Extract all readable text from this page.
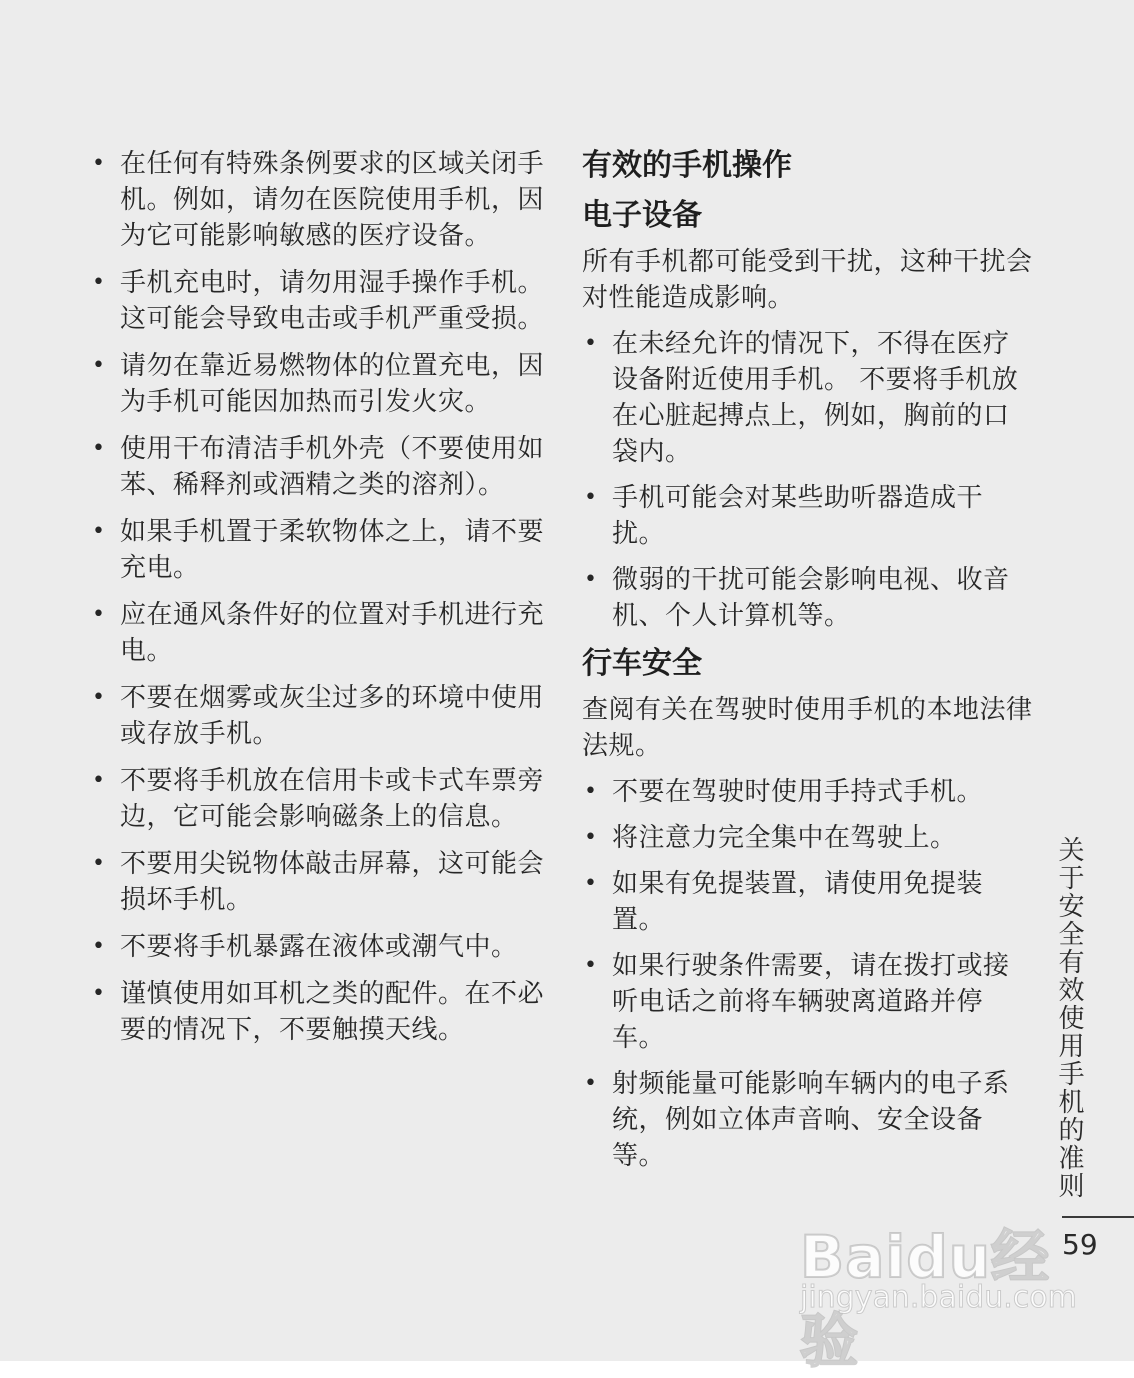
• 在任何有特殊条例要求的区域关闭手机。例如，请勿在医院使用手机，因为它可能影响敏感的医疗设备。
• 手机充电时，请勿用湿手操作手机。这可能会导致电击或手机严重受损。
• 请勿在靠近易燃物体的位置充电，因为手机可能因加热而引发火灾。
• 使用干布清洁手机外壳（不要使用如苯、稀释剂或酒精之类的溶剂）。
• 如果手机置于柔软物体之上，请不要充电。
• 应在通风条件好的位置对手机进行充电。
• 不要在烟雾或灰尘过多的环境中使用或存放手机。
• 不要将手机放在信用卡或卡式车票旁边，它可能会影响磁条上的信息。
• 不要用尖锐物体敲击屏幕，这可能会损坏手机。
• 不要将手机暴露在液体或潮气中。
• 谨慎使用如耳机之类的配件。在不必要的情况下，不要触摸天线。
有效的手机操作
电子设备

所有手机都可能受到干扰，这种干扰会对性能造成影响。

• 在未经允许的情况下，不得在医疗设备附近使用手机。 不要将手机放在心脏起搏点上，例如，胸前的口袋内。
• 手机可能会对某些助听器造成干扰。
• 微弱的干扰可能会影响电视、收音机、个人计算机等。
行车安全

查阅有关在驾驶时使用手机的本地法律法规。

• 不要在驾驶时使用手持式手机。
• 将注意力完全集中在驾驶上。
• 如果有免提装置，请使用免提装置。
• 如果行驶条件需要，请在拨打或接听电话之前将车辆驶离道路并停车。
• 射频能量可能影响车辆内的电子系统，例如立体声音响、安全设备等。	关于安全有效使用手机的准则
59
Baidu经验
jingyan.baidu.com
